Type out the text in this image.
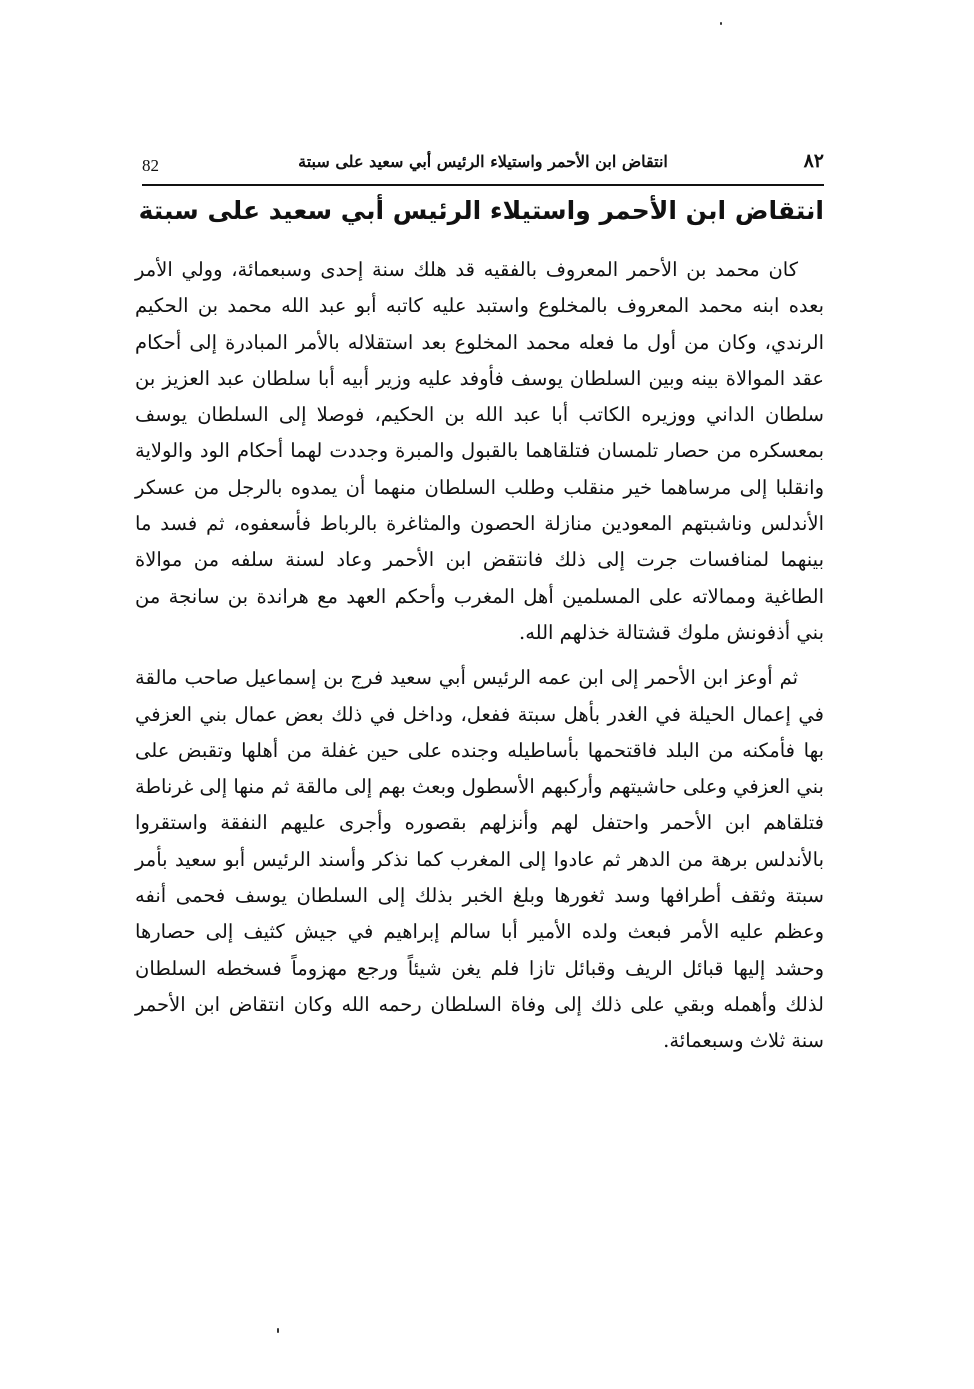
82	انتقاض ابن الأحمر واستيلاء الرئيس أبي سعيد على سبتة	٨٢
انتقاض ابن الأحمر واستيلاء الرئيس أبي سعيد على سبتة

كان محمد بن الأحمر المعروف بالفقيه قد هلك سنة إحدى وسبعمائة، وولي الأمر بعده ابنه محمد المعروف بالمخلوع واستبد عليه كاتبه أبو عبد الله محمد بن الحكيم الرندي، وكان من أول ما فعله محمد المخلوع بعد استقلاله بالأمر المبادرة إلى أحكام عقد الموالاة بينه وبين السلطان يوسف فأوفد عليه وزير أبيه أبا سلطان عبد العزيز بن سلطان الداني ووزيره الكاتب أبا عبد الله بن الحكيم، فوصلا إلى السلطان يوسف بمعسكره من حصار تلمسان فتلقاهما بالقبول والمبرة وجددت لهما أحكام الود والولاية وانقلبا إلى مرساهما خير منقلب وطلب السلطان منهما أن يمدوه بالرجل من عسكر الأندلس وناشبتهم المعودين منازلة الحصون والمثاغرة بالرباط فأسعفوه، ثم فسد ما بينهما لمنافسات جرت إلى ذلك فانتقض ابن الأحمر وعاد لسنة سلفه من موالاة الطاغية وممالاته على المسلمين أهل المغرب وأحكم العهد مع هراندة بن سانجة من بني أذفونش ملوك قشتالة خذلهم الله.

ثم أوعز ابن الأحمر إلى ابن عمه الرئيس أبي سعيد فرج بن إسماعيل صاحب مالقة في إعمال الحيلة في الغدر بأهل سبتة ففعل، وداخل في ذلك بعض عمال بني العزفي بها فأمكنه من البلد فاقتحمها بأساطيله وجنده على حين غفلة من أهلها وتقبض على بني العزفي وعلى حاشيتهم وأركبهم الأسطول وبعث بهم إلى مالقة ثم منها إلى غرناطة فتلقاهم ابن الأحمر واحتفل لهم وأنزلهم بقصوره وأجرى عليهم النفقة واستقروا بالأندلس برهة من الدهر ثم عادوا إلى المغرب كما نذكر وأسند الرئيس أبو سعيد بأمر سبتة وثقف أطرافها وسد ثغورها وبلغ الخبر بذلك إلى السلطان يوسف فحمى أنفه وعظم عليه الأمر فبعث ولده الأمير أبا سالم إبراهيم في جيش كثيف إلى حصارها وحشد إليها قبائل الريف وقبائل تازا فلم يغن شيئاً ورجع مهزوماً فسخطه السلطان لذلك وأهمله وبقي على ذلك إلى وفاة السلطان رحمه الله وكان انتقاض ابن الأحمر سنة ثلاث وسبعمائة.
